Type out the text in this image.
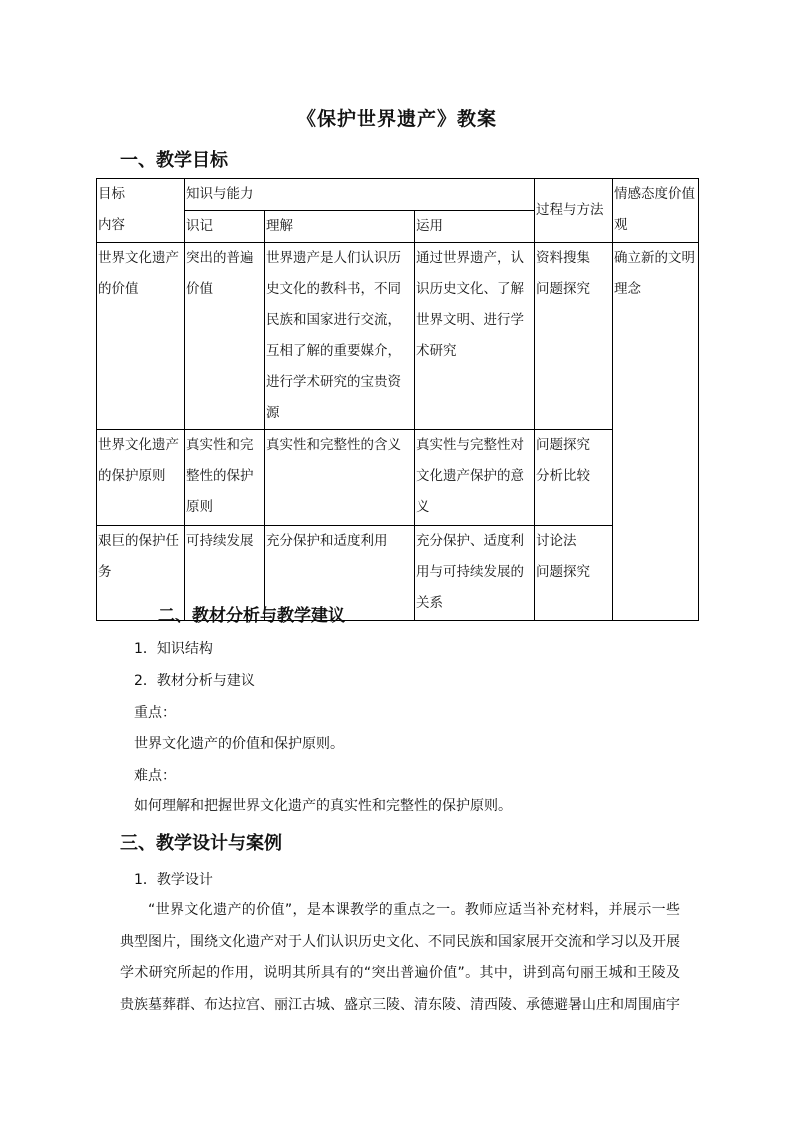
《保护世界遗产》教案
一、教学目标
目标
内容	知识与能力			过程与方法	情感态度价值观
	识记	理解	运用		
世界文化遗产的价值	突出的普遍价值	世界遗产是人们认识历史文化的教科书，不同民族和国家进行交流，互相了解的重要媒介，进行学术研究的宝贵资源	通过世界遗产，认识历史文化、了解世界文明、进行学术研究	资料搜集
问题探究	确立新的文明理念
世界文化遗产的保护原则	真实性和完整性的保护原则	真实性和完整性的含义	真实性与完整性对文化遗产保护的意义	问题探究
分析比较	
艰巨的保护任务	可持续发展	充分保护和适度利用	充分保护、适度利用与可持续发展的关系	讨论法
问题探究	
二、教材分析与教学建议
1．知识结构
2．教材分析与建议
重点：
世界文化遗产的价值和保护原则。
难点：
如何理解和把握世界文化遗产的真实性和完整性的保护原则。
三、教学设计与案例
1．教学设计
“世界文化遗产的价值”，是本课教学的重点之一。教师应适当补充材料，并展示一些典型图片，围绕文化遗产对于人们认识历史文化、不同民族和国家展开交流和学习以及开展学术研究所起的作用，说明其所具有的“突出普遍价值”。其中，讲到高句丽王城和王陵及贵族墓葬群、布达拉宫、丽江古城、盛京三陵、清东陵、清西陵、承德避暑山庄和周围庙宇
